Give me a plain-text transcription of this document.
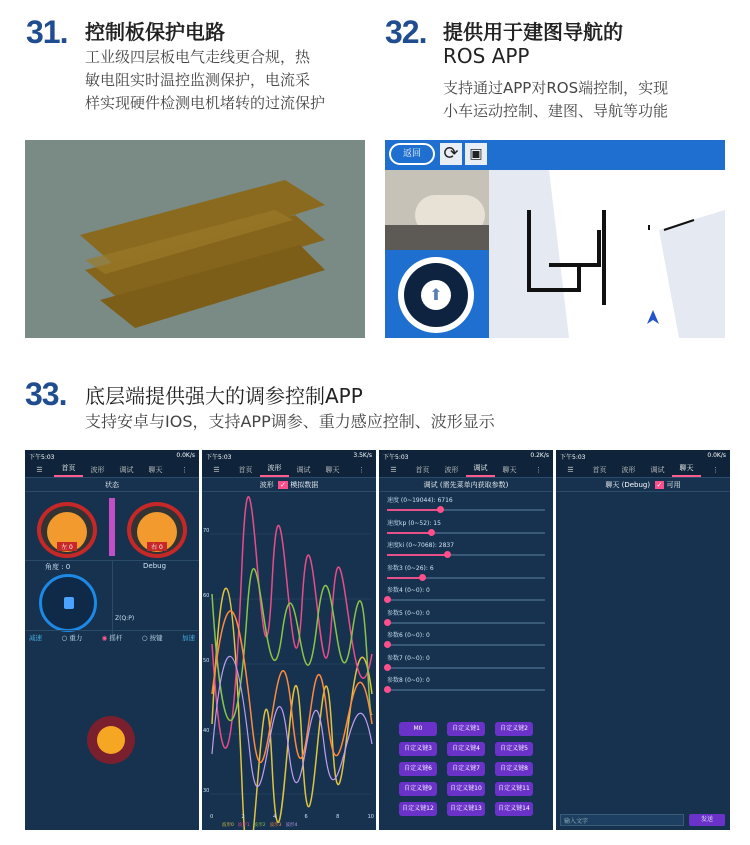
31. 控制板保护电路
工业级四层板电气走线更合规，热
敏电阻实时温控监测保护，电流采
样实现硬件检测电机堵转的过流保护
32. 提供用于建图导航的
ROS APP
支持通过APP对ROS端控制，实现
小车运动控制、建图、导航等功能
返回	⟳ ▣
⬆
33. 底层端提供强大的调参控制APP
支持安卓与IOS，支持APP调参、重力感应控制、波形显示
下午5:03	0.0K/s
☰	首页	波形	调试	聊天	⋮
状态
左 0	右 0
角度 : 0	Debug
Z(Q:P)
减速	○ 重力	◉ 摇杆	○ 按键	加速
下午5:03	3.5K/s
☰	首页	波形	调试	聊天	⋮
波形 ✓ 模拟数据
70
60
50
40
30
0	2	4	6	8	10
波形0 波形1 波形2 波形3 波形4
下午5:03	0.2K/s
☰	首页	波形	调试	聊天	⋮
调试 (需先菜单内获取参数)
速度 (0~19044): 6716
速度kp (0~52): 15
速度ki (0~7068): 2837
参数3 (0~26): 6
参数4 (0~0): 0
参数5 (0~0): 0
参数6 (0~0): 0
参数7 (0~0): 0
参数8 (0~0): 0
M0	自定义键1	自定义键2
自定义键3	自定义键4	自定义键5
自定义键6	自定义键7	自定义键8
自定义键9	自定义键10	自定义键11
自定义键12	自定义键13	自定义键14
下午5:03	0.0K/s
☰	首页	波形	调试	聊天	⋮
聊天 (Debug) ✓ 可用
输入文字	发送
